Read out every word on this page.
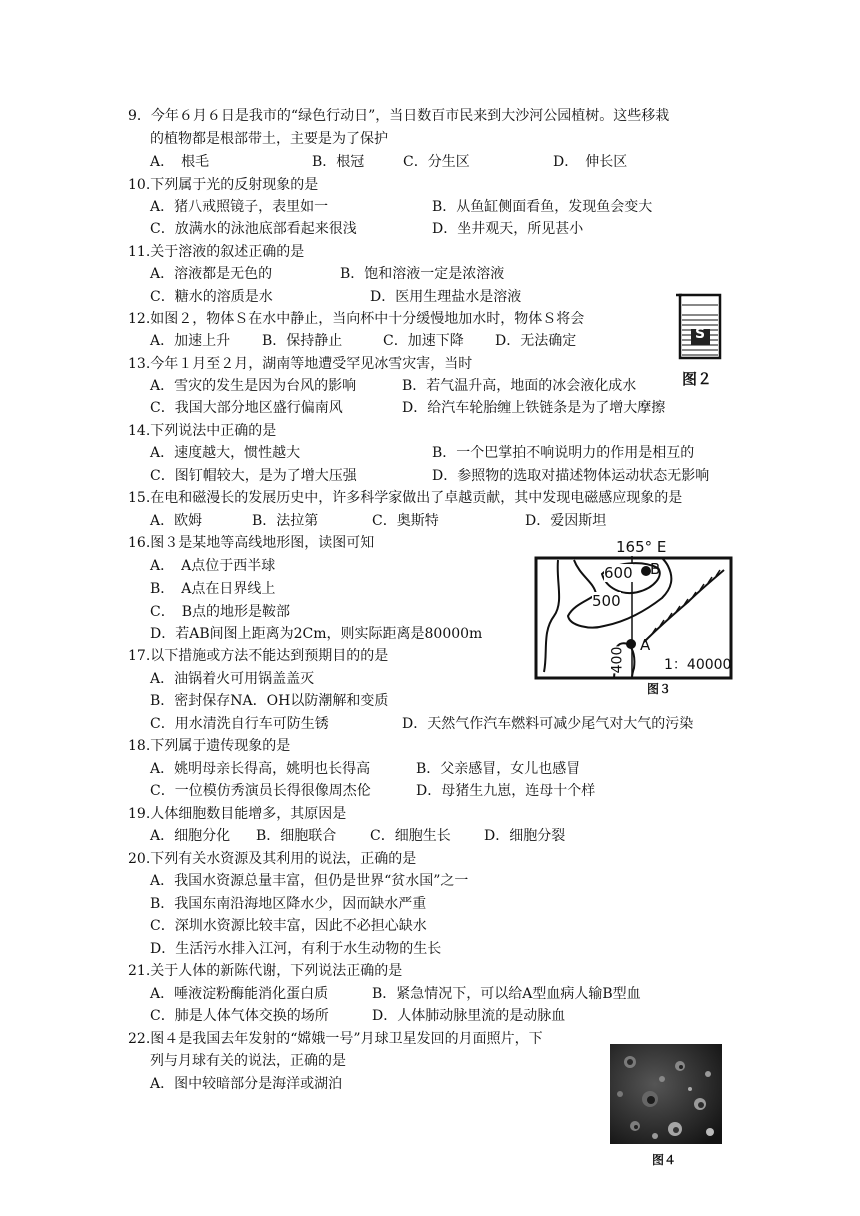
9．今年６月６日是我市的“绿色行动日”，当日数百市民来到大沙河公园植树。这些移栽
的植物都是根部带土，主要是为了保护
A．　根毛	B．根冠	C．分生区	D．　伸长区
10.下列属于光的反射现象的是
A．猪八戒照镜子，表里如一	B．从鱼缸侧面看鱼，发现鱼会变大
C．放满水的泳池底部看起来很浅	D．坐井观天，所见甚小
11.关于溶液的叙述正确的是
A．溶液都是无色的	B．饱和溶液一定是浓溶液
C．糖水的溶质是水	D．医用生理盐水是溶液
12.如图２，物体Ｓ在水中静止，当向杯中十分缓慢地加水时，物体Ｓ将会
A．加速上升 B．保持静止	C．加速下降 D．无法确定	S
图２
13.今年１月至２月，湖南等地遭受罕见冰雪灾害，当时
A．雪灾的发生是因为台风的影响	B．若气温升高，地面的冰会液化成水
C．我国大部分地区盛行偏南风	D．给汽车轮胎缠上铁链条是为了增大摩擦
14.下列说法中正确的是
A．速度越大，惯性越大	B．一个巴掌拍不响说明力的作用是相互的
C．图钉帽较大，是为了增大压强	D．参照物的选取对描述物体运动状态无影响
15.在电和磁漫长的发展历史中，许多科学家做出了卓越贡献，其中发现电磁感应现象的是
A．欧姆	B．法拉第	C．奥斯特	D．爱因斯坦
16.图３是某地等高线地形图，读图可知
A．　A点位于西半球
B．　A点在日界线上
C．　B点的地形是鞍部
D．若AB间图上距离为2Cm，则实际距离是80000m
165° E
600
500
400
B
A
1：40000
图３
17.以下措施或方法不能达到预期目的的是
A．油锅着火可用锅盖盖灭
B．密封保存NA．OH以防潮解和变质
C．用水清洗自行车可防生锈	D．天然气作汽车燃料可减少尾气对大气的污染
18.下列属于遗传现象的是
A．姚明母亲长得高，姚明也长得高	B．父亲感冒，女儿也感冒
C．一位模仿秀演员长得很像周杰伦	D．母猪生九崽，连母十个样
19.人体细胞数目能增多，其原因是
A．细胞分化 B．细胞联合 C．细胞生长 D．细胞分裂
20.下列有关水资源及其利用的说法，正确的是
A．我国水资源总量丰富，但仍是世界“贫水国”之一
B．我国东南沿海地区降水少，因而缺水严重
C．深圳水资源比较丰富，因此不必担心缺水
D．生活污水排入江河，有利于水生动物的生长
21.关于人体的新陈代谢，下列说法正确的是
A．唾液淀粉酶能消化蛋白质	B．紧急情况下，可以给A型血病人输B型血
C．肺是人体气体交换的场所	D．人体肺动脉里流的是动脉血
22.图４是我国去年发射的“嫦娥一号”月球卫星发回的月面照片，下
列与月球有关的说法，正确的是
A．图中较暗部分是海洋或湖泊
图４
